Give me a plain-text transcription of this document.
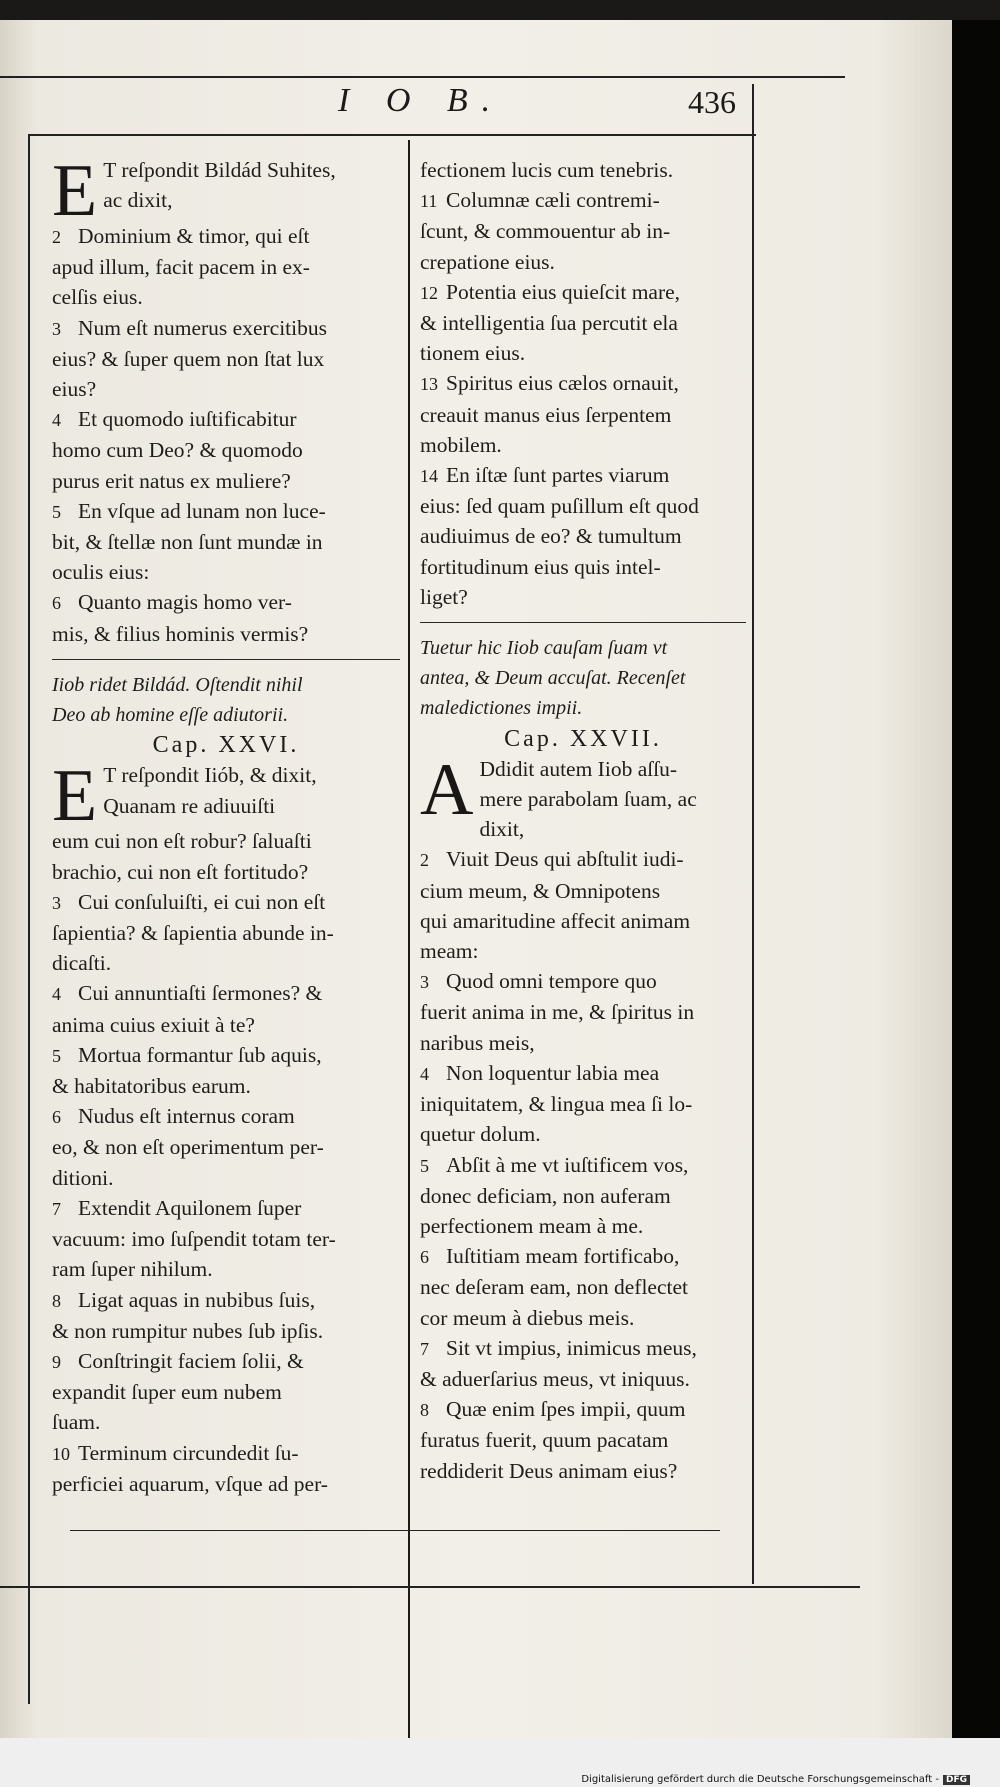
I O B.	436
E T reſpondit Bildád Suhites,

ac dixit,

2 Dominium & timor, qui eſt

apud illum, facit pacem in ex-

celſis eius.

3 Num eſt numerus exercitibus

eius? & ſuper quem non ſtat lux

eius?

4 Et quomodo iuſtificabitur

homo cum Deo? & quomodo

purus erit natus ex muliere?

5 En vſque ad lunam non luce-

bit, & ſtellæ non ſunt mundæ in

oculis eius:

6 Quanto magis homo ver-

mis, & filius hominis vermis?

Iiob ridet Bildád. Oſtendit nihil

Deo ab homine eſſe adiutorii.

Cap. XXVI.

E T reſpondit Iiób, & dixit,

Quanam re adiuuiſti

eum cui non eſt robur? ſaluaſti

brachio, cui non eſt fortitudo?

3 Cui conſuluiſti, ei cui non eſt

ſapientia? & ſapientia abunde in-

dicaſti.

4 Cui annuntiaſti ſermones? &

anima cuius exiuit à te?

5 Mortua formantur ſub aquis,

& habitatoribus earum.

6 Nudus eſt internus coram

eo, & non eſt operimentum per-

ditioni.

7 Extendit Aquilonem ſuper

vacuum: imo ſuſpendit totam ter-

ram ſuper nihilum.

8 Ligat aquas in nubibus ſuis,

& non rumpitur nubes ſub ipſis.

9 Conſtringit faciem ſolii, &

expandit ſuper eum nubem

ſuam.

10 Terminum circundedit ſu-

perficiei aquarum, vſque ad per-

fectionem lucis cum tenebris.

11 Columnæ cæli contremi-

ſcunt, & commouentur ab in-

crepatione eius.

12 Potentia eius quieſcit mare,

& intelligentia ſua percutit ela

tionem eius.

13 Spiritus eius cælos ornauit,

creauit manus eius ſerpentem

mobilem.

14 En iſtæ ſunt partes viarum

eius: ſed quam puſillum eſt quod

audiuimus de eo? & tumultum

fortitudinum eius quis intel-

liget?

Tuetur hic Iiob cauſam ſuam vt

antea, & Deum accuſat. Recenſet

maledictiones impii.

Cap. XXVII.

A Ddidit autem Iiob aſſu-

mere parabolam ſuam, ac

dixit,

2 Viuit Deus qui abſtulit iudi-

cium meum, & Omnipotens

qui amaritudine affecit animam

meam:

3 Quod omni tempore quo

fuerit anima in me, & ſpiritus in

naribus meis,

4 Non loquentur labia mea

iniquitatem, & lingua mea ſi lo-

quetur dolum.

5 Abſit à me vt iuſtificem vos,

donec deficiam, non auferam

perfectionem meam à me.

6 Iuſtitiam meam fortificabo,

nec deſeram eam, non deflectet

cor meum à diebus meis.

7 Sit vt impius, inimicus meus,

& aduerſarius meus, vt iniquus.

8 Quæ enim ſpes impii, quum

furatus fuerit, quum pacatam

reddiderit Deus animam eius?

Digitalisierung gefördert durch die Deutsche Forschungsgemeinschaft - DFG
